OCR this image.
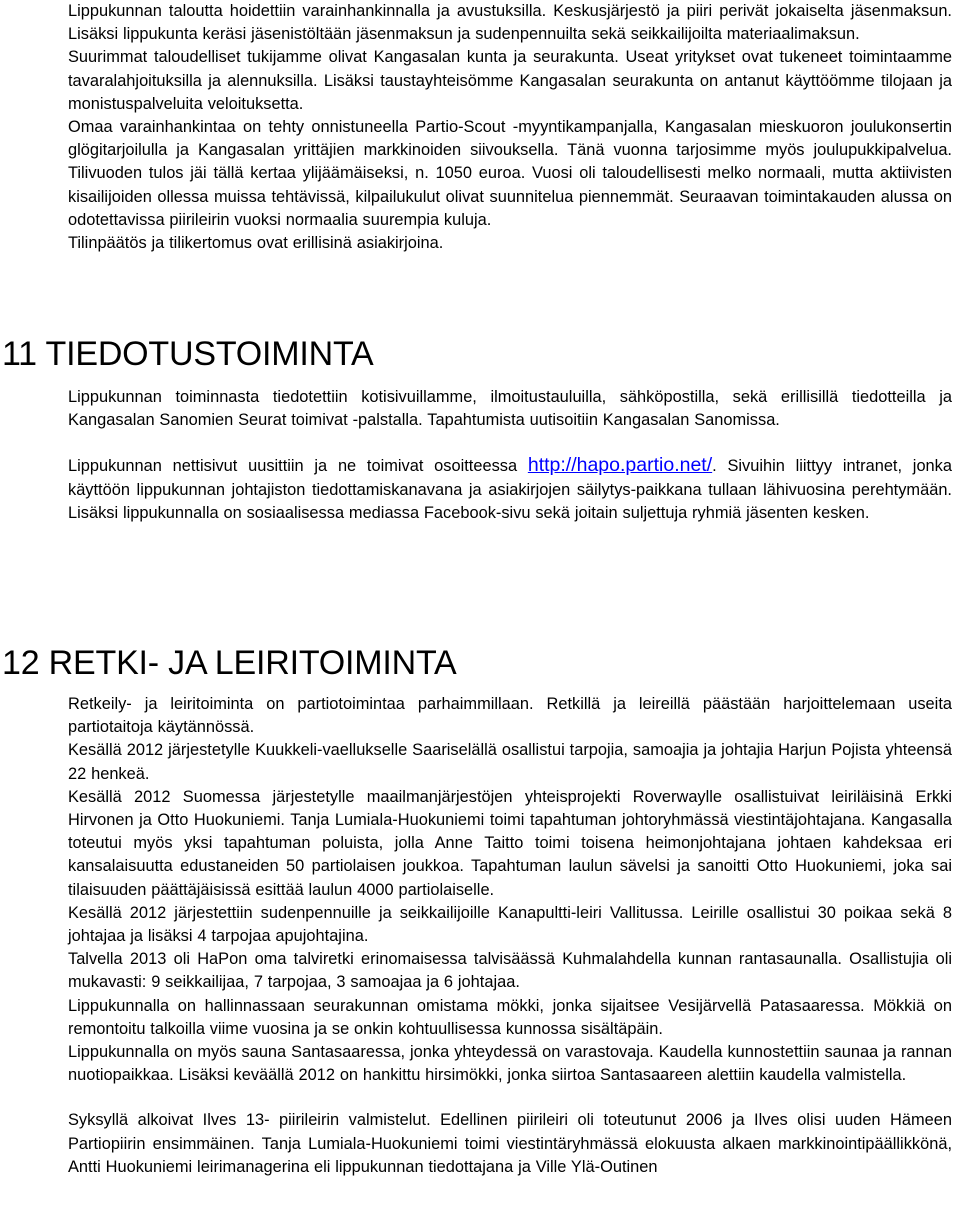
Lippukunnan taloutta hoidettiin varainhankinnalla ja avustuksilla. Keskusjärjestö ja piiri perivät jokaiselta jäsenmaksun. Lisäksi lippukunta keräsi jäsenistöltään jäsenmaksun ja sudenpennuilta sekä seikkailijoilta materiaalimaksun.

Suurimmat taloudelliset tukijamme olivat Kangasalan kunta ja seurakunta. Useat yritykset ovat tukeneet toimintaamme tavaralahjoituksilla ja alennuksilla. Lisäksi taustayhteisömme Kangasalan seurakunta on antanut käyttöömme tilojaan ja monistuspalveluita veloituksetta.

Omaa varainhankintaa on tehty onnistuneella Partio-Scout -myyntikampanjalla, Kangasalan mieskuoron joulukonsertin glögitarjoilulla ja Kangasalan yrittäjien markkinoiden siivouksella. Tänä vuonna tarjosimme myös joulupukkipalvelua. Tilivuoden tulos jäi tällä kertaa ylijäämäiseksi, n. 1050 euroa. Vuosi oli taloudellisesti melko normaali, mutta aktiivisten kisailijoiden ollessa muissa tehtävissä, kilpailukulut olivat suunnitelua piennemmät. Seuraavan toimintakauden alussa on odotettavissa piirileirin vuoksi normaalia suurempia kuluja.

Tilinpäätös ja tilikertomus ovat erillisinä asiakirjoina.

11 TIEDOTUSTOIMINTA

Lippukunnan toiminnasta tiedotettiin kotisivuillamme, ilmoitustauluilla, sähköpostilla, sekä erillisillä tiedotteilla ja Kangasalan Sanomien Seurat toimivat -palstalla. Tapahtumista uutisoitiin Kangasalan Sanomissa.

Lippukunnan nettisivut uusittiin ja ne toimivat osoitteessa http://hapo.partio.net/. Sivuihin liittyy intranet, jonka käyttöön lippukunnan johtajiston tiedottamiskanavana ja asiakirjojen säilytys-paikkana tullaan lähivuosina perehtymään. Lisäksi lippukunnalla on sosiaalisessa mediassa Facebook-sivu sekä joitain suljettuja ryhmiä jäsenten kesken.

12 RETKI- JA LEIRITOIMINTA

Retkeily- ja leiritoiminta on partiotoimintaa parhaimmillaan. Retkillä ja leireillä päästään harjoittelemaan useita partiotaitoja käytännössä.

Kesällä 2012 järjestetylle Kuukkeli-vaellukselle Saariselällä osallistui tarpojia, samoajia ja johtajia Harjun Pojista yhteensä 22 henkeä.

Kesällä 2012 Suomessa järjestetylle maailmanjärjestöjen yhteisprojekti Roverwaylle osallistuivat leiriläisinä Erkki Hirvonen ja Otto Huokuniemi. Tanja Lumiala-Huokuniemi toimi tapahtuman johtoryhmässä viestintäjohtajana. Kangasalla toteutui myös yksi tapahtuman poluista, jolla Anne Taitto toimi toisena heimonjohtajana johtaen kahdeksaa eri kansalaisuutta edustaneiden 50 partiolaisen joukkoa. Tapahtuman laulun sävelsi ja sanoitti Otto Huokuniemi, joka sai tilaisuuden päättäjäisissä esittää laulun 4000 partiolaiselle.

Kesällä 2012 järjestettiin sudenpennuille ja seikkailijoille Kanapultti-leiri Vallitussa. Leirille osallistui 30 poikaa sekä 8 johtajaa ja lisäksi 4 tarpojaa apujohtajina.

Talvella 2013 oli HaPon oma talviretki erinomaisessa talvisäässä Kuhmalahdella kunnan rantasaunalla. Osallistujia oli mukavasti: 9 seikkailijaa, 7 tarpojaa, 3 samoajaa ja 6 johtajaa.

Lippukunnalla on hallinnassaan seurakunnan omistama mökki, jonka sijaitsee Vesijärvellä Patasaaressa. Mökkiä on remontoitu talkoilla viime vuosina ja se onkin kohtuullisessa kunnossa sisältäpäin.

Lippukunnalla on myös sauna Santasaaressa, jonka yhteydessä on varastovaja. Kaudella kunnostettiin saunaa ja rannan nuotiopaikkaa. Lisäksi keväällä 2012 on hankittu hirsimökki, jonka siirtoa Santasaareen alettiin kaudella valmistella.

Syksyllä alkoivat Ilves 13- piirileirin valmistelut. Edellinen piirileiri oli toteutunut 2006 ja Ilves olisi uuden Hämeen Partiopiirin ensimmäinen. Tanja Lumiala-Huokuniemi toimi viestintäryhmässä elokuusta alkaen markkinointipäällikkönä, Antti Huokuniemi leirimanagerina eli lippukunnan tiedottajana ja Ville Ylä-Outinen
